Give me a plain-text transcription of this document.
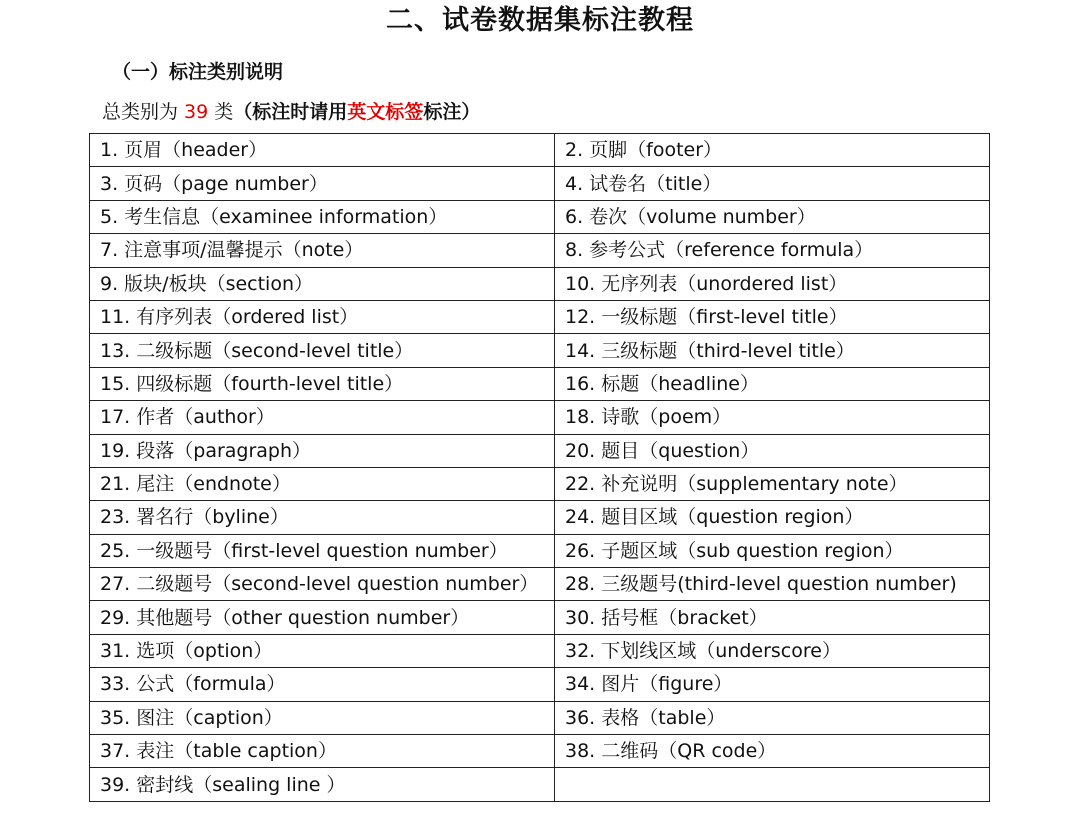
二、试卷数据集标注教程
（一）标注类别说明
总类别为 39 类（标注时请用英文标签标注）
1. 页眉（header）	2. 页脚（footer）
3. 页码（page number）	4. 试卷名（title）
5. 考生信息（examinee information）	6. 卷次（volume number）
7. 注意事项/温馨提示（note）	8. 参考公式（reference formula）
9. 版块/板块（section）	10. 无序列表（unordered list）
11. 有序列表（ordered list）	12. 一级标题（first-level title）
13. 二级标题（second-level title）	14. 三级标题（third-level title）
15. 四级标题（fourth-level title）	16. 标题（headline）
17. 作者（author）	18. 诗歌（poem）
19. 段落（paragraph）	20. 题目（question）
21. 尾注（endnote）	22. 补充说明（supplementary note）
23. 署名行（byline）	24. 题目区域（question region）
25. 一级题号（first-level question number）	26. 子题区域（sub question region）
27. 二级题号（second-level question number）	28. 三级题号(third-level question number)
29. 其他题号（other question number）	30. 括号框（bracket）
31. 选项（option）	32. 下划线区域（underscore）
33. 公式（formula）	34. 图片（figure）
35. 图注（caption）	36. 表格（table）
37. 表注（table caption）	38. 二维码（QR code）
39. 密封线（sealing line ）	
